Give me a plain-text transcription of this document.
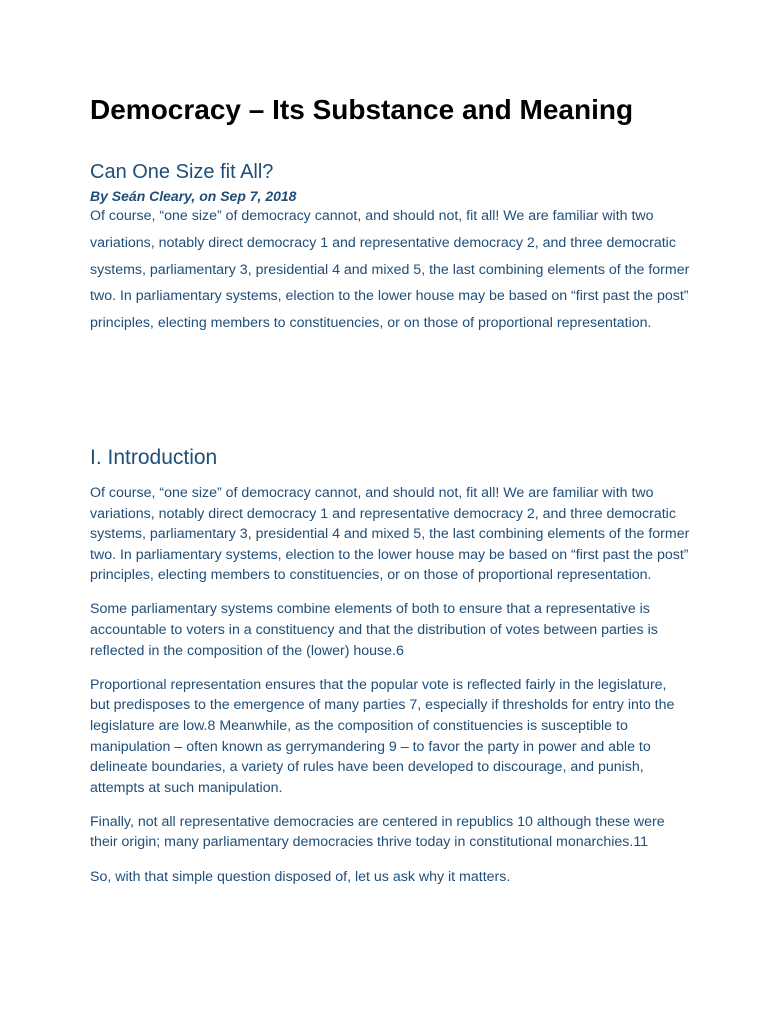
Democracy – Its Substance and Meaning
Can One Size fit All?

By Seán Cleary, on Sep 7, 2018

Of course, “one size” of democracy cannot, and should not, fit all! We are familiar with two variations, notably direct democracy 1 and representative democracy 2, and three democratic systems, parliamentary 3, presidential 4 and mixed 5, the last combining elements of the former two. In parliamentary systems, election to the lower house may be based on “first past the post” principles, electing members to constituencies, or on those of proportional representation.

I. Introduction

Of course, “one size” of democracy cannot, and should not, fit all! We are familiar with two variations, notably direct democracy 1 and representative democracy 2, and three democratic systems, parliamentary 3, presidential 4 and mixed 5, the last combining elements of the former two. In parliamentary systems, election to the lower house may be based on “first past the post” principles, electing members to constituencies, or on those of proportional representation.

Some parliamentary systems combine elements of both to ensure that a representative is accountable to voters in a constituency and that the distribution of votes between parties is reflected in the composition of the (lower) house.6

Proportional representation ensures that the popular vote is reflected fairly in the legislature, but predisposes to the emergence of many parties 7, especially if thresholds for entry into the legislature are low.8 Meanwhile, as the composition of constituencies is susceptible to manipulation – often known as gerrymandering 9 – to favor the party in power and able to delineate boundaries, a variety of rules have been developed to discourage, and punish, attempts at such manipulation.

Finally, not all representative democracies are centered in republics 10 although these were their origin; many parliamentary democracies thrive today in constitutional monarchies.11

So, with that simple question disposed of, let us ask why it matters.
